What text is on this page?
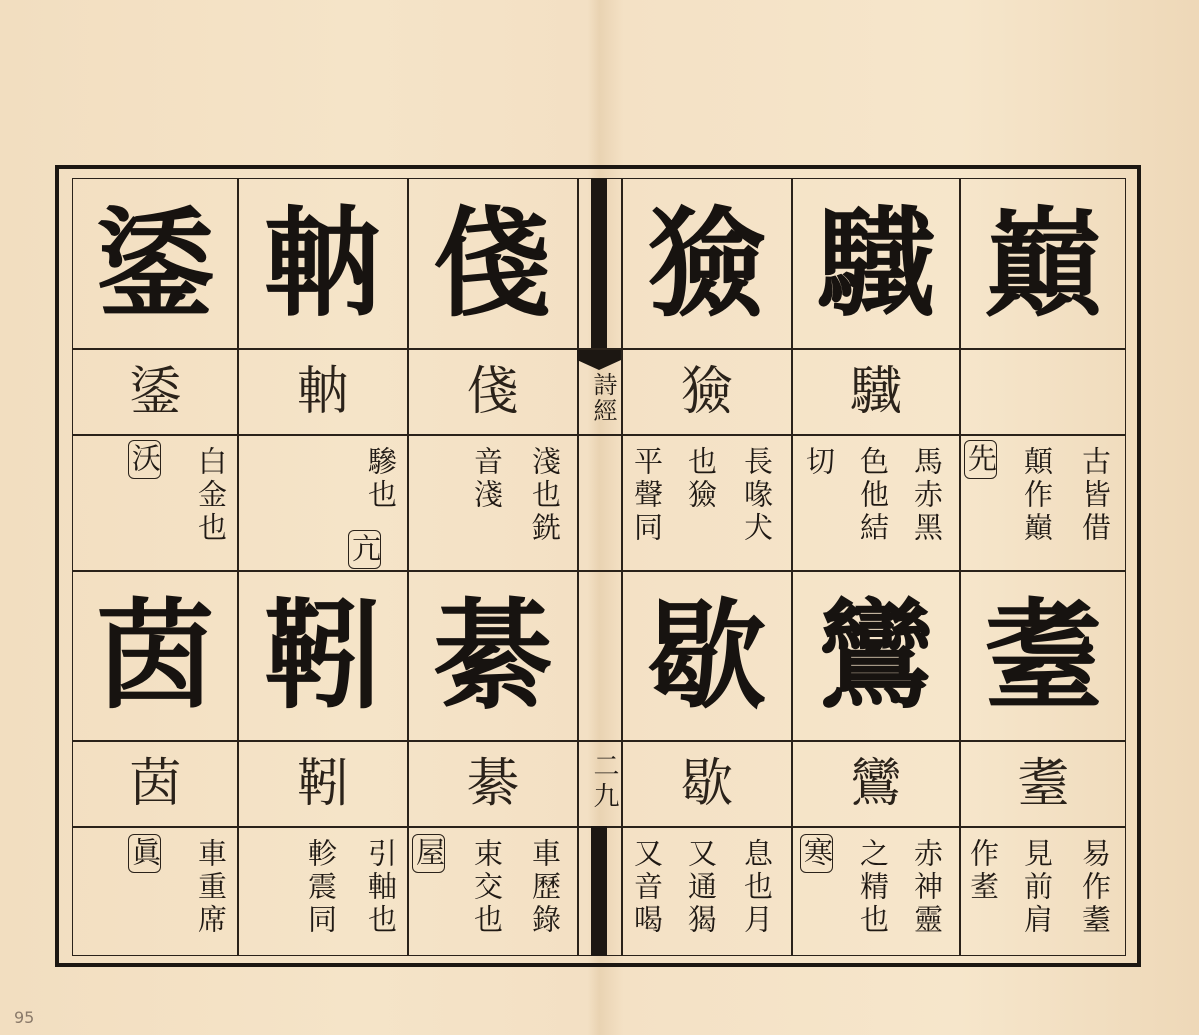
詩經
二九
巔
驖
獫
驖
獫
古皆借
顛作巔
先
馬赤黑
色他結
切
長喙犬
也獫
平聲同
耋
鸞
歇
耋
鸞
歇
易作耋
見前肩
作耊
赤神靈
之精也
寒
息也月
又通猲
又音喝
俴
軜
鋈
俴
軜
鋈
淺也銑
音淺
驂也
亢
白金也
沃
綦
靷
茵
綦
靷
茵
車歷錄
束交也
屋
引軸也
軫震同
車重席
眞
95
